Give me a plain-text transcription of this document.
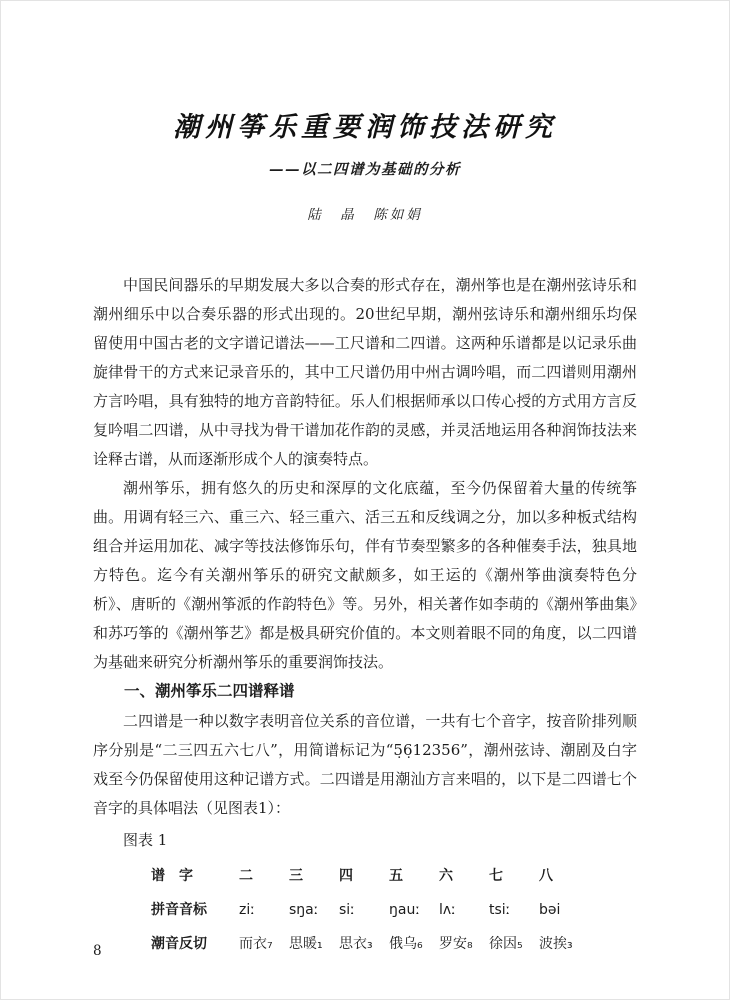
潮州筝乐重要润饰技法研究
——以二四谱为基础的分析
陆　晶　陈如娟

中国民间器乐的早期发展大多以合奏的形式存在，潮州筝也是在潮州弦诗乐和潮州细乐中以合奏乐器的形式出现的。20世纪早期，潮州弦诗乐和潮州细乐均保留使用中国古老的文字谱记谱法——工尺谱和二四谱。这两种乐谱都是以记录乐曲旋律骨干的方式来记录音乐的，其中工尺谱仍用中州古调吟唱，而二四谱则用潮州方言吟唱，具有独特的地方音韵特征。乐人们根据师承以口传心授的方式用方言反复吟唱二四谱，从中寻找为骨干谱加花作韵的灵感，并灵活地运用各种润饰技法来诠释古谱，从而逐渐形成个人的演奏特点。

潮州筝乐，拥有悠久的历史和深厚的文化底蕴，至今仍保留着大量的传统筝曲。用调有轻三六、重三六、轻三重六、活三五和反线调之分，加以多种板式结构组合并运用加花、减字等技法修饰乐句，伴有节奏型繁多的各种催奏手法，独具地方特色。迄今有关潮州筝乐的研究文献颇多，如王运的《潮州筝曲演奏特色分析》、唐昕的《潮州筝派的作韵特色》等。另外，相关著作如李萌的《潮州筝曲集》和苏巧筝的《潮州筝艺》都是极具研究价值的。本文则着眼不同的角度，以二四谱为基础来研究分析潮州筝乐的重要润饰技法。

一、潮州筝乐二四谱释谱

二四谱是一种以数字表明音位关系的音位谱，一共有七个音字，按音阶排列顺序分别是“二三四五六七八”，用简谱标记为“5̣6̣12356”，潮州弦诗、潮剧及白字戏至今仍保留使用这种记谱方式。二四谱是用潮汕方言来唱的，以下是二四谱七个音字的具体唱法（见图表1）：

图表 1
谱　字	二	三	四	五	六	七	八
拼音音标	ziː	sŋaː	siː	ŋauː	lʌː	tsiː	bəi
潮音反切	而衣₇	思暖₁	思衣₃	俄乌₆	罗安₈	徐因₅	波挨₃
8
